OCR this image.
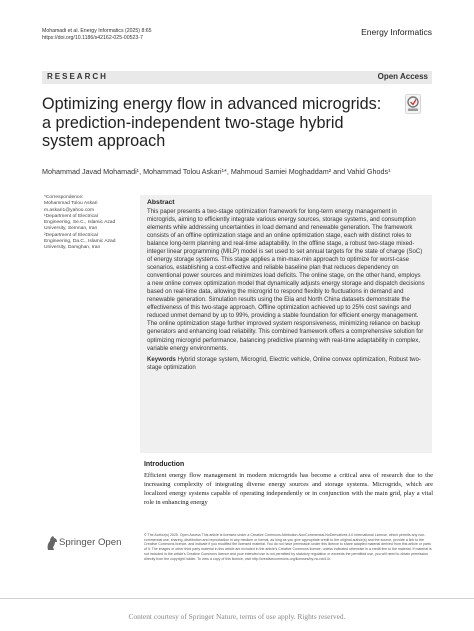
Mohamadi et al. Energy Informatics (2025) 8:65
https://doi.org/10.1186/s42162-025-00523-7
Energy Informatics
RESEARCH	Open Access
Optimizing energy flow in advanced microgrids: a prediction-independent two-stage hybrid system approach
Mohammad Javad Mohamadi¹, Mohammad Tolou Askari¹*, Mahmoud Samiei Moghaddam² and Vahid Ghods¹
*Correspondence:
Mohammad Tolou Askari
m.askari1@yahoo.com
¹Department of Electrical
Engineering, Se.C., Islamic Azad
University, Semnan, Iran
²Department of Electrical
Engineering, Da.C., Islamic Azad
University, Damghan, Iran
Abstract
This paper presents a two-stage optimization framework for long-term energy management in microgrids, aiming to efficiently integrate various energy sources, storage systems, and consumption elements while addressing uncertainties in load demand and renewable generation. The framework consists of an offline optimization stage and an online optimization stage, each with distinct roles to balance long-term planning and real-time adaptability. In the offline stage, a robust two-stage mixed-integer linear programming (MILP) model is set used to set annual targets for the state of charge (SoC) of energy storage systems. This stage applies a min-max-min approach to optimize for worst-case scenarios, establishing a cost-effective and reliable baseline plan that reduces dependency on conventional power sources and minimizes load deficits. The online stage, on the other hand, employs a new online convex optimization model that dynamically adjusts energy storage and dispatch decisions based on real-time data, allowing the microgrid to respond flexibly to fluctuations in demand and renewable generation. Simulation results using the Elia and North China datasets demonstrate the effectiveness of this two-stage approach. Offline optimization achieved up to 25% cost savings and reduced unmet demand by up to 99%, providing a stable foundation for efficient energy management. The online optimization stage further improved system responsiveness, minimizing reliance on backup generators and enhancing load reliability. This combined framework offers a comprehensive solution for optimizing microgrid performance, balancing predictive planning with real-time adaptability in complex, variable energy environments.
Keywords Hybrid storage system, Microgrid, Electric vehicle, Online convex optimization, Robust two-stage optimization
Introduction
Efficient energy flow management in modern microgrids has become a critical area of research due to the increasing complexity of integrating diverse energy sources and storage systems. Microgrids, which are localized energy systems capable of operating independently or in conjunction with the main grid, play a vital role in enhancing energy
Springer Open
© The Author(s) 2025. Open Access This article is licensed under a Creative Commons Attribution-NonCommercial-NoDerivatives 4.0 International License, which permits any non-commercial use, sharing, distribution and reproduction in any medium or format, as long as you give appropriate credit to the original author(s) and the source, provide a link to the Creative Commons licence, and indicate if you modified the licensed material. You do not have permission under this licence to share adapted material derived from this article or parts of it. The images or other third party material in this article are included in the article's Creative Commons licence, unless indicated otherwise in a credit line to the material. If material is not included in the article's Creative Commons licence and your intended use is not permitted by statutory regulation or exceeds the permitted use, you will need to obtain permission directly from the copyright holder. To view a copy of this licence, visit http://creativecommons.org/licenses/by-nc-nd/4.0/.
Content courtesy of Springer Nature, terms of use apply. Rights reserved.
